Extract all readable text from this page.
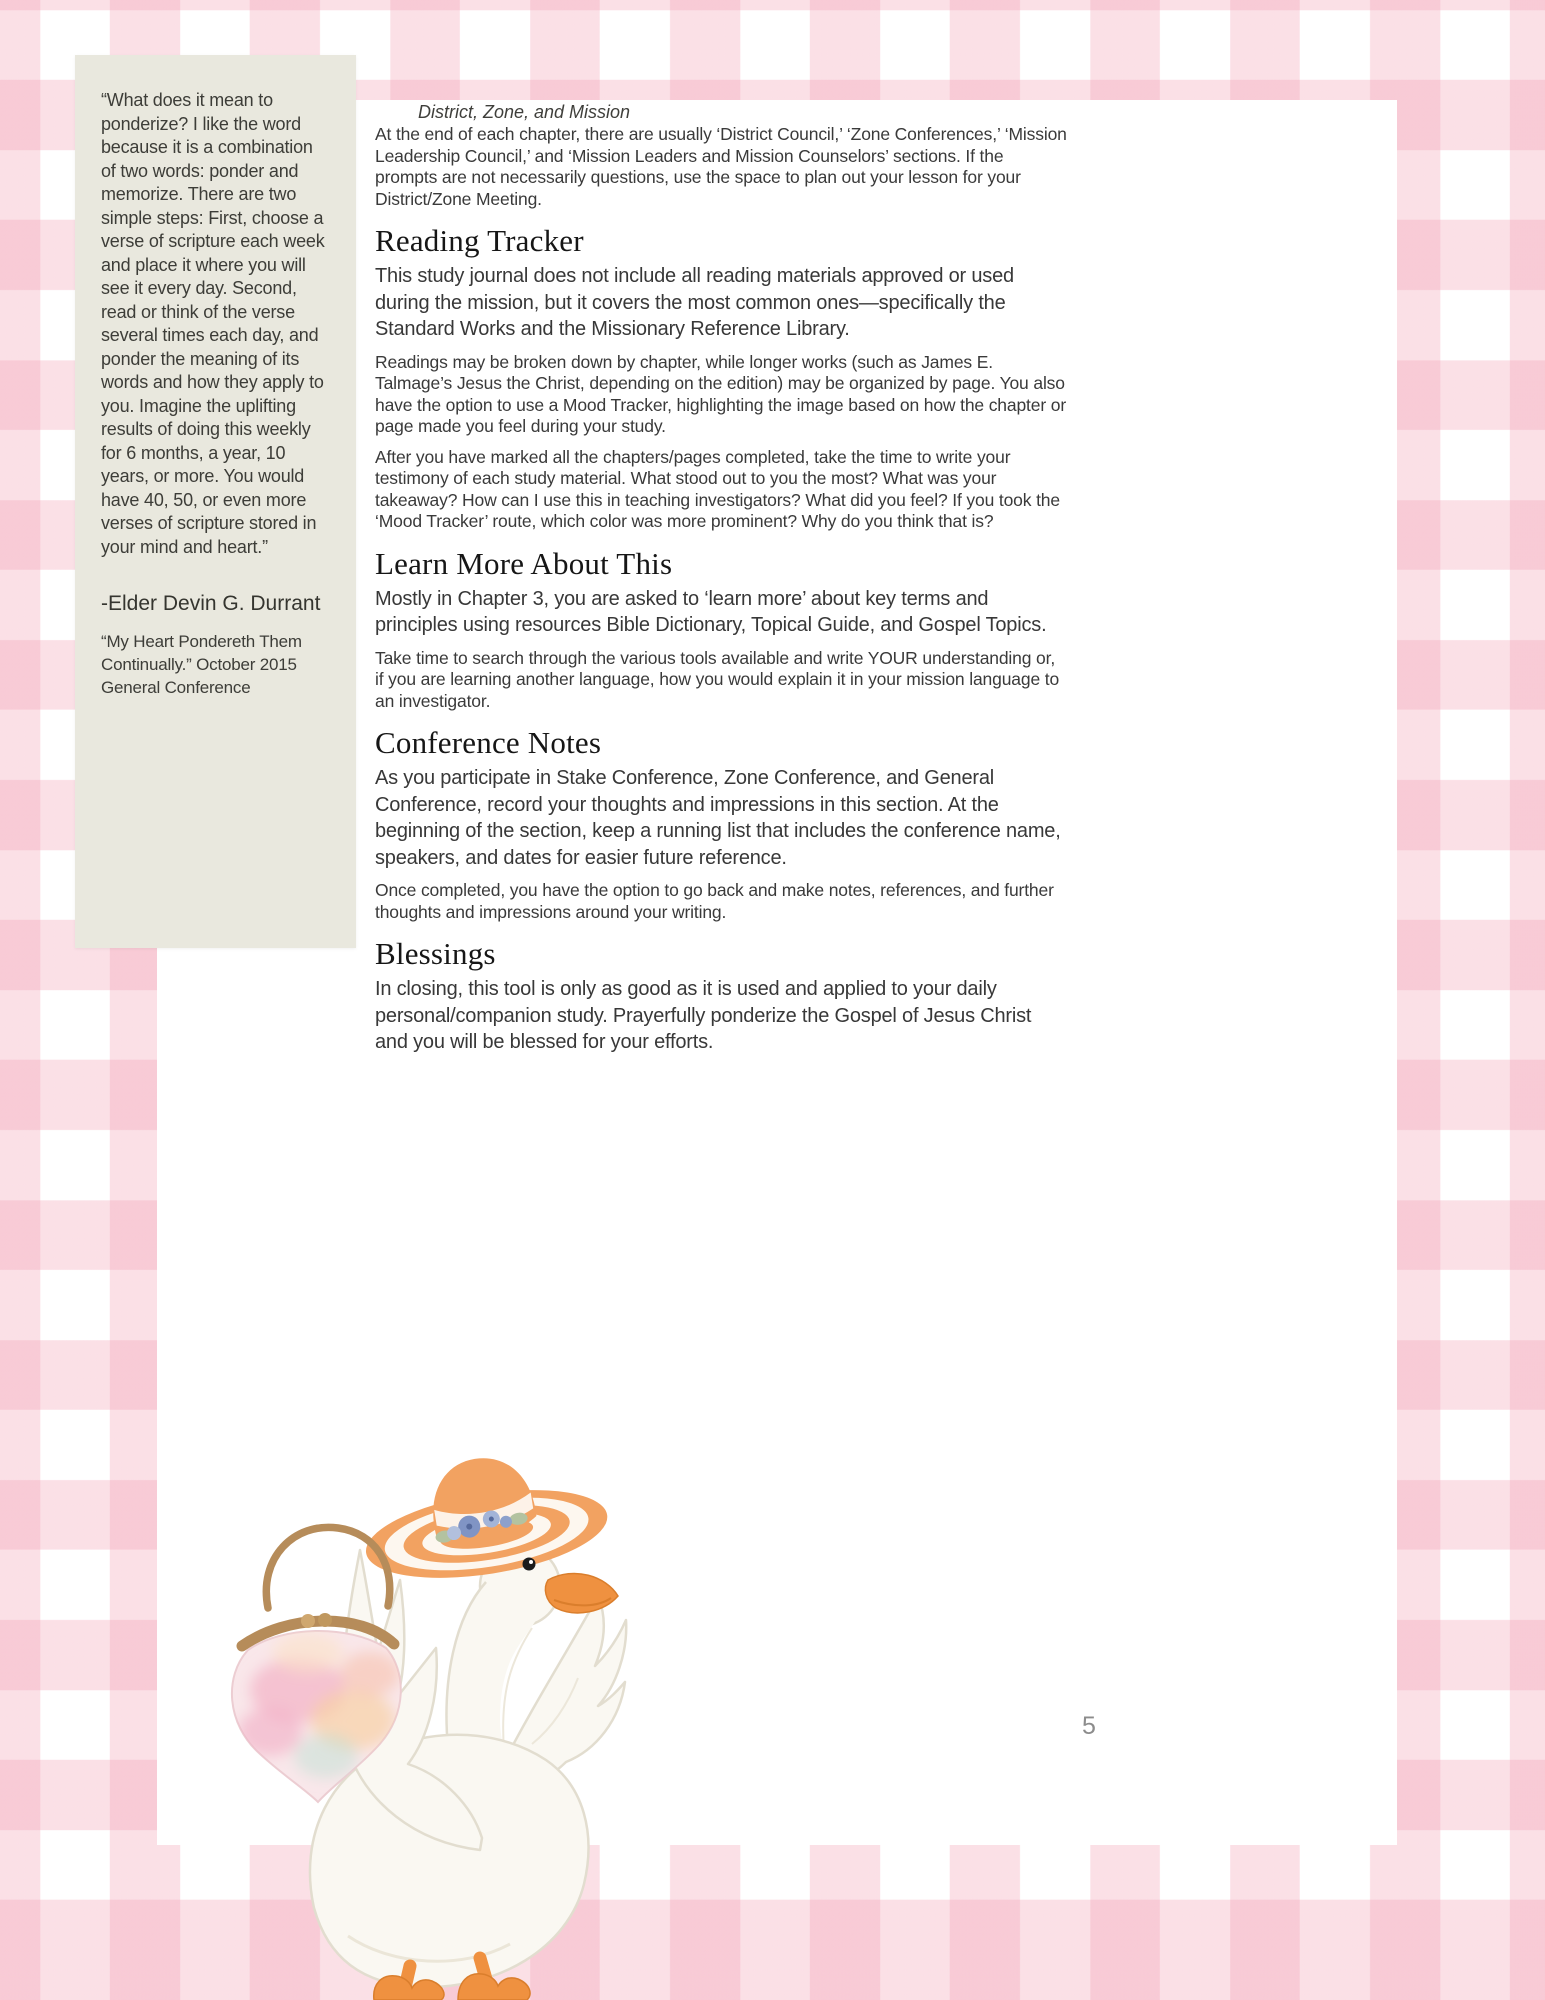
“What does it mean to ponderize? I like the word because it is a combination of two words: ponder and memorize. There are two simple steps: First, choose a verse of scripture each week and place it where you will see it every day. Second, read or think of the verse several times each day, and ponder the meaning of its words and how they apply to you. Imagine the uplifting results of doing this weekly for 6 months, a year, 10 years, or more. You would have 40, 50, or even more verses of scripture stored in your mind and heart.”

-Elder Devin G. Durrant

“My Heart Pondereth Them Continually.” October 2015 General Conference

District, Zone, and Mission

At the end of each chapter, there are usually ‘District Council,’ ‘Zone Conferences,’ ‘Mission Leadership Council,’ and ‘Mission Leaders and Mission Counselors’ sections. If the prompts are not necessarily questions, use the space to plan out your lesson for your District/Zone Meeting.

Reading Tracker

This study journal does not include all reading materials approved or used during the mission, but it covers the most common ones—specifically the Standard Works and the Missionary Reference Library.

Readings may be broken down by chapter, while longer works (such as James E. Talmage’s Jesus the Christ, depending on the edition) may be organized by page. You also have the option to use a Mood Tracker, highlighting the image based on how the chapter or page made you feel during your study.

After you have marked all the chapters/pages completed, take the time to write your testimony of each study material. What stood out to you the most? What was your takeaway? How can I use this in teaching investigators? What did you feel? If you took the ‘Mood Tracker’ route, which color was more prominent? Why do you think that is?

Learn More About This

Mostly in Chapter 3, you are asked to ‘learn more’ about key terms and principles using resources Bible Dictionary, Topical Guide, and Gospel Topics.

Take time to search through the various tools available and write YOUR understanding or, if you are learning another language, how you would explain it in your mission language to an investigator.

Conference Notes

As you participate in Stake Conference, Zone Conference, and General Conference, record your thoughts and impressions in this section. At the beginning of the section, keep a running list that includes the conference name, speakers, and dates for easier future reference.

Once completed, you have the option to go back and make notes, references, and further thoughts and impressions around your writing.

Blessings

In closing, this tool is only as good as it is used and applied to your daily personal/companion study. Prayerfully ponderize the Gospel of Jesus Christ and you will be blessed for your efforts.

5
